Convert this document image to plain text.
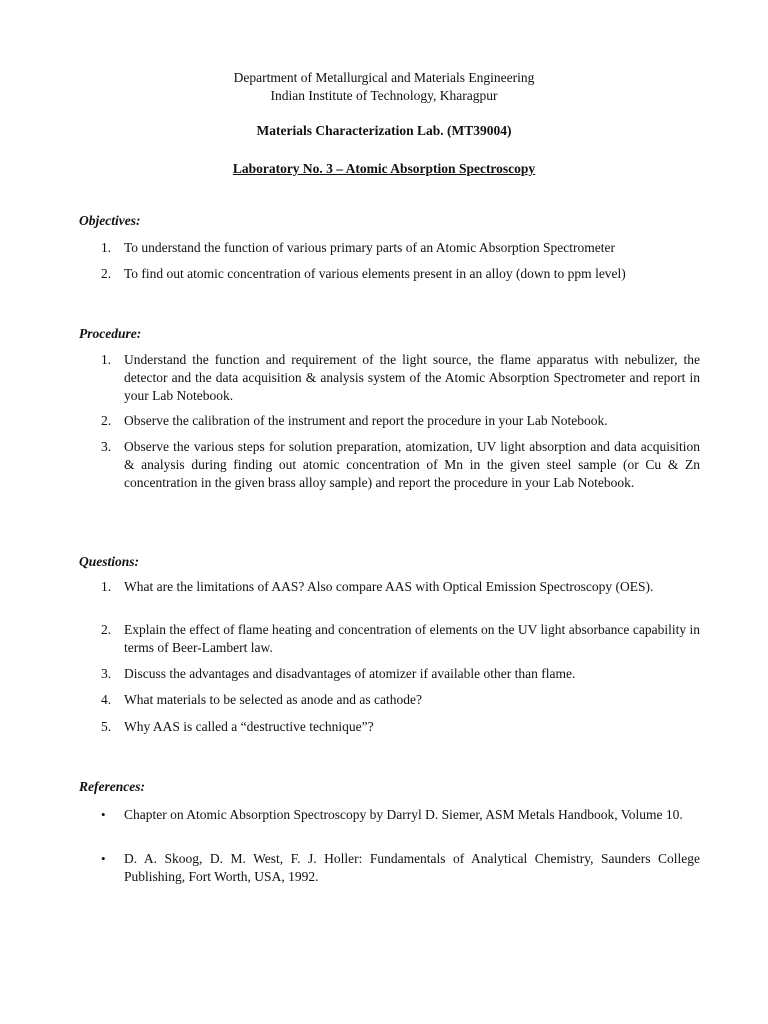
Department of Metallurgical and Materials Engineering
Indian Institute of Technology, Kharagpur
Materials Characterization Lab. (MT39004)
Laboratory No. 3 – Atomic Absorption Spectroscopy
Objectives:
1. To understand the function of various primary parts of an Atomic Absorption Spectrometer
2. To find out atomic concentration of various elements present in an alloy (down to ppm level)
Procedure:
1. Understand the function and requirement of the light source, the flame apparatus with nebulizer, the detector and the data acquisition & analysis system of the Atomic Absorption Spectrometer and report in your Lab Notebook.
2. Observe the calibration of the instrument and report the procedure in your Lab Notebook.
3. Observe the various steps for solution preparation, atomization, UV light absorption and data acquisition & analysis during finding out atomic concentration of Mn in the given steel sample (or Cu & Zn concentration in the given brass alloy sample) and report the procedure in your Lab Notebook.
Questions:
1. What are the limitations of AAS? Also compare AAS with Optical Emission Spectroscopy (OES).
2. Explain the effect of flame heating and concentration of elements on the UV light absorbance capability in terms of Beer-Lambert law.
3. Discuss the advantages and disadvantages of atomizer if available other than flame.
4. What materials to be selected as anode and as cathode?
5. Why AAS is called a “destructive technique”?
References:
• Chapter on Atomic Absorption Spectroscopy by Darryl D. Siemer, ASM Metals Handbook, Volume 10.
• D. A. Skoog, D. M. West, F. J. Holler: Fundamentals of Analytical Chemistry, Saunders College Publishing, Fort Worth, USA, 1992.
